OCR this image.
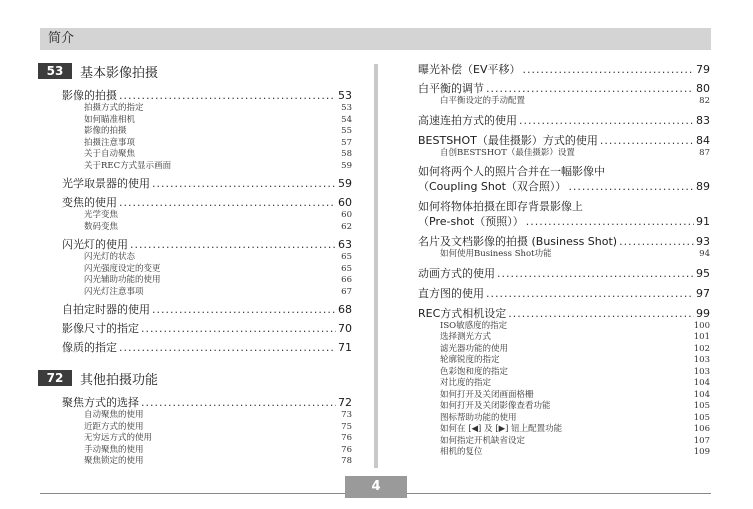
简介
53	基本影像拍摄
影像的拍摄 .....	53
拍摄方式的指定	53
如何瞄准相机	54
影像的拍摄	55
拍摄注意事项	57
关于自动聚焦	58
关于REC方式显示画面	59
光学取景器的使用 .....	59
变焦的使用 .....	60
光学变焦	60
数码变焦	62
闪光灯的使用 .....	63
闪光灯的状态	65
闪光强度设定的变更	65
闪光辅助功能的使用	66
闪光灯注意事项	67
自拍定时器的使用 .....	68
影像尺寸的指定 .....	70
像质的指定 .....	71
72	其他拍摄功能
聚焦方式的选择 .....	72
自动聚焦的使用	73
近距方式的使用	75
无穷远方式的使用	76
手动聚焦的使用	76
聚焦锁定的使用	78
曝光补偿（EV平移） .....	79
白平衡的调节 .....	80
白平衡设定的手动配置	82
高速连拍方式的使用 .....	83
BESTSHOT（最佳摄影）方式的使用 .....	84
自创BESTSHOT（最佳摄影）设置	87
如何将两个人的照片合并在一幅影像中
（Coupling Shot（双合照）） .....	89
如何将物体拍摄在即存背景影像上
（Pre-shot（预照）） .....	91
名片及文档影像的拍摄 (Business Shot) .....	93
如何使用Business Shot功能	94
动画方式的使用 .....	95
直方图的使用 .....	97
REC方式相机设定 .....	99
ISO敏感度的指定	100
选择测光方式	101
滤光器功能的使用	102
轮廓锐度的指定	103
色彩饱和度的指定	103
对比度的指定	104
如何打开及关闭画面格栅	104
如何打开及关闭影像查看功能	105
图标帮助功能的使用	105
如何在 [◀] 及 [▶] 钮上配置功能	106
如何指定开机缺省设定	107
相机的复位	109
4
